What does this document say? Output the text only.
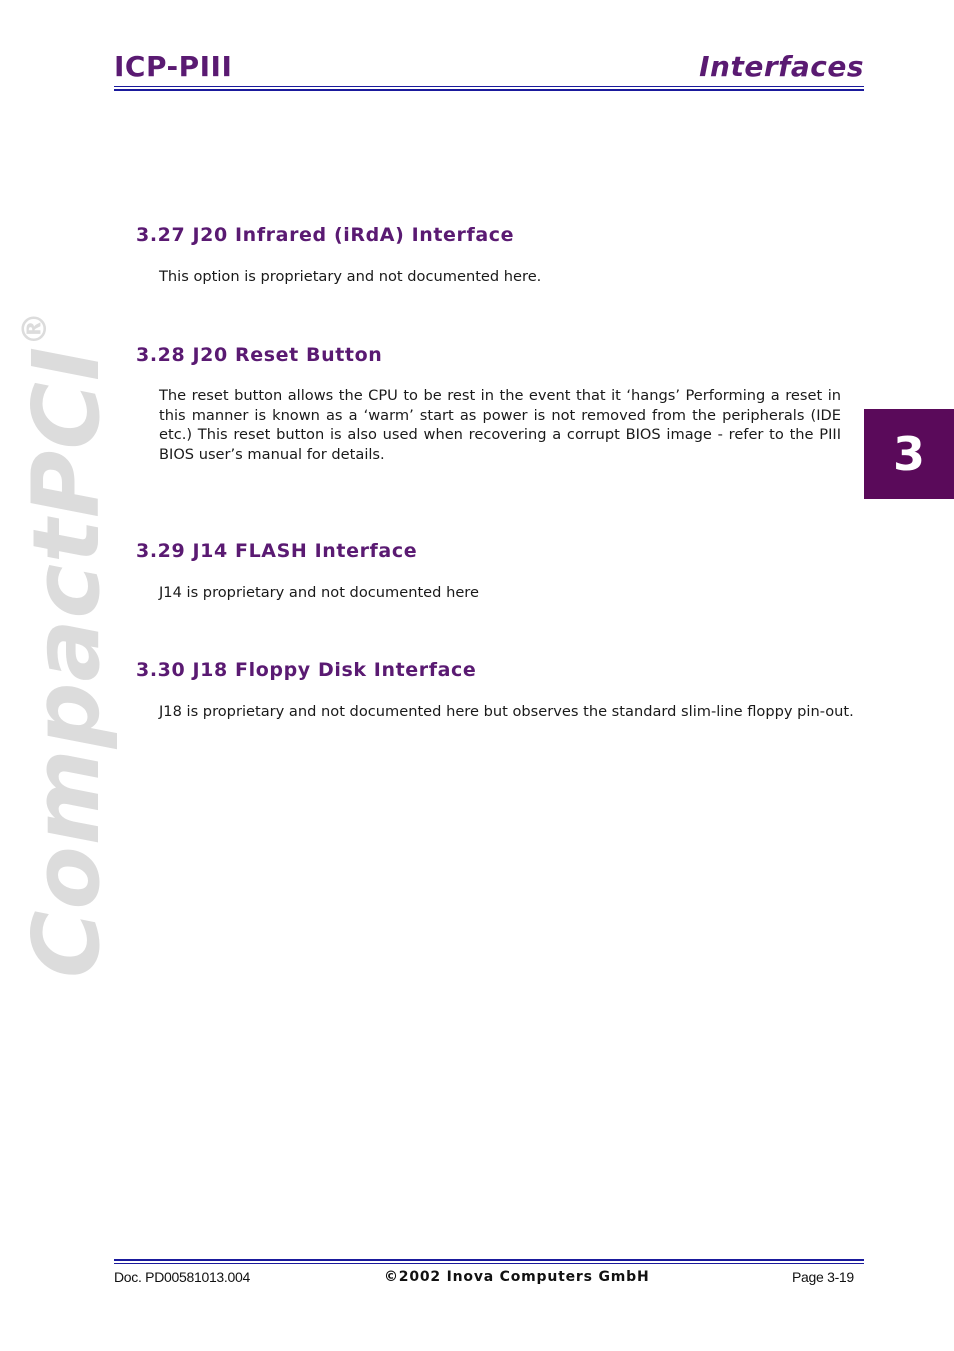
ICP-PIII	Interfaces
CompactPCI®
3
3.27 J20 Infrared (iRdA) Interface

This option is proprietary and not documented here.

3.28 J20 Reset Button

The reset button allows the CPU to be rest in the event that it ‘hangs’ Performing a reset in this manner is known as a ‘warm’ start as power is not removed from the peripherals (IDE etc.) This reset button is also used when recovering a corrupt BIOS image - refer to the PIII BIOS user’s manual for details.

3.29 J14 FLASH Interface

J14 is proprietary and not documented here

3.30 J18 Floppy Disk Interface

J18 is proprietary and not documented here but observes the standard slim-line floppy pin-out.

Doc. PD00581013.004	©2002 Inova Computers GmbH	Page 3-19
